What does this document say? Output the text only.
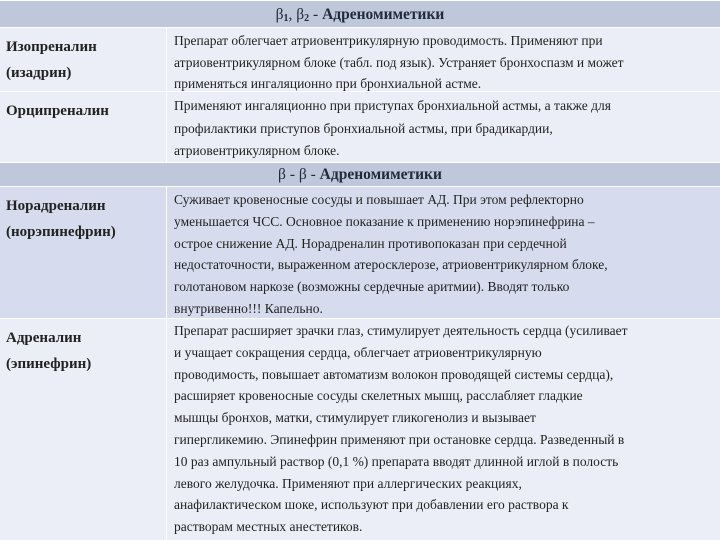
$\beta_1$, $\beta_2$ - Адреномиметики
Изопреналин
(изадрин)
Препарат облегчает атриовентрикулярную проводимость. Применяют при
атриовентрикулярном блоке (табл. под язык). Устраняет бронхоспазм и может
применяться ингаляционно при бронхиальной астме.
Орципреналин	Применяют ингаляционно при приступах бронхиальной астмы, а также для
профилактики приступов бронхиальной астмы, при брадикардии,
атриовентрикулярном блоке.
β - β - Адреномиметики
Норадреналин
(норэпинефрин)
Суживает кровеносные сосуды и повышает АД. При этом рефлекторно
уменьшается ЧСС. Основное показание к применению норэпинефрина –
острое снижение АД. Норадреналин противопоказан при сердечной
недостаточности, выраженном атеросклерозе, атриовентрикулярном блоке,
голотановом наркозе (возможны сердечные аритмии). Вводят только
внутривенно!!! Капельно.
Адреналин
(эпинефрин)
Препарат расширяет зрачки глаз, стимулирует деятельность сердца (усиливает
и учащает сокращения сердца, облегчает атриовентрикулярную
проводимость, повышает автоматизм волокон проводящей системы сердца),
расширяет кровеносные сосуды скелетных мышц, расслабляет гладкие
мышцы бронхов, матки, стимулирует гликогенолиз и вызывает
гипергликемию. Эпинефрин применяют при остановке сердца. Разведенный в
10 раз ампульный раствор (0,1 %) препарата вводят длинной иглой в полость
левого желудочка. Применяют при аллергических реакциях,
анафилактическом шоке, используют при добавлении его раствора к
растворам местных анестетиков.
